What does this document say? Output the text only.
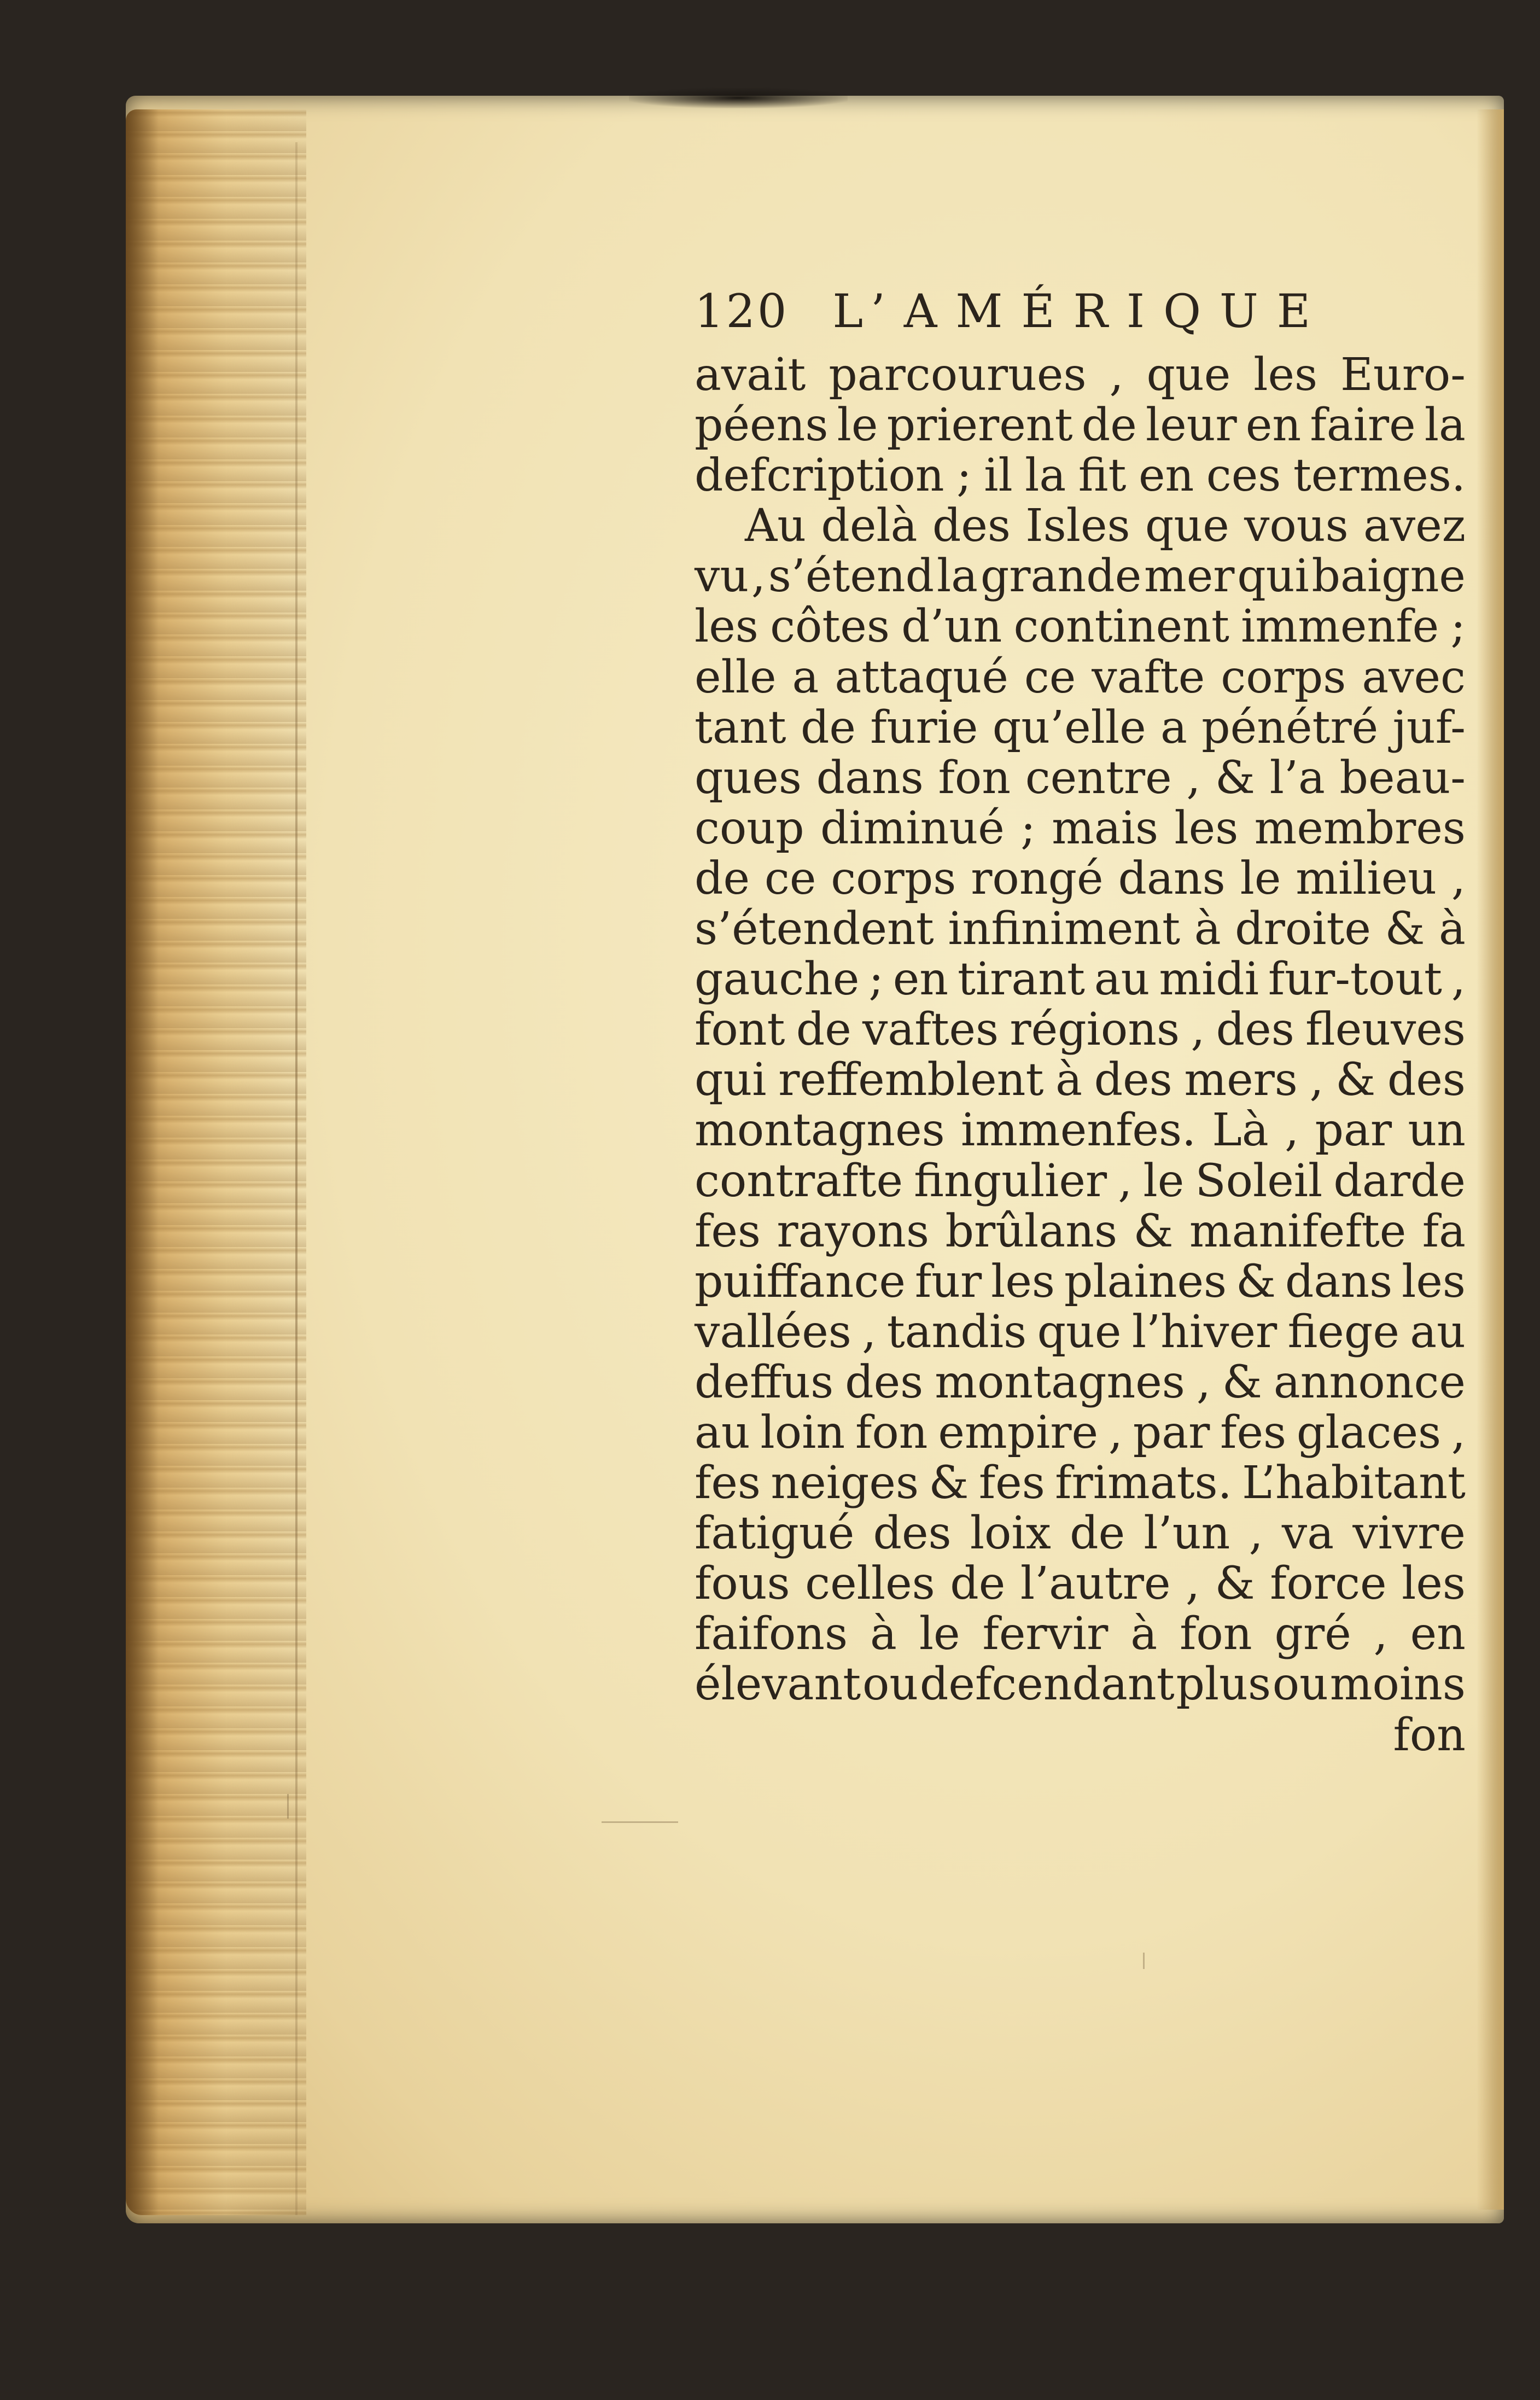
120 L’AMÉRIQUE
avait parcourues , que les Euro-
péens le prierent de leur en faire la
defcription ; il la fit en ces termes.
Au delà des Isles que vous avez
vu , s’étend la grande mer qui baigne
les côtes d’un continent immenfe ;
elle a attaqué ce vafte corps avec
tant de furie qu’elle a pénétré juf-
ques dans fon centre , & l’a beau-
coup diminué ; mais les membres
de ce corps rongé dans le milieu ,
s’étendent infiniment à droite & à
gauche ; en tirant au midi fur-tout ,
font de vaftes régions , des fleuves
qui reffemblent à des mers , & des
montagnes immenfes. Là , par un
contrafte fingulier , le Soleil darde
fes rayons brûlans & manifefte fa
puiffance fur les plaines & dans les
vallées , tandis que l’hiver fiege au
deffus des montagnes , & annonce
au loin fon empire , par fes glaces ,
fes neiges & fes frimats. L’habitant
fatigué des loix de l’un , va vivre
fous celles de l’autre , & force les
faifons à le fervir à fon gré , en
élevant ou defcendant plus ou moins
fon
